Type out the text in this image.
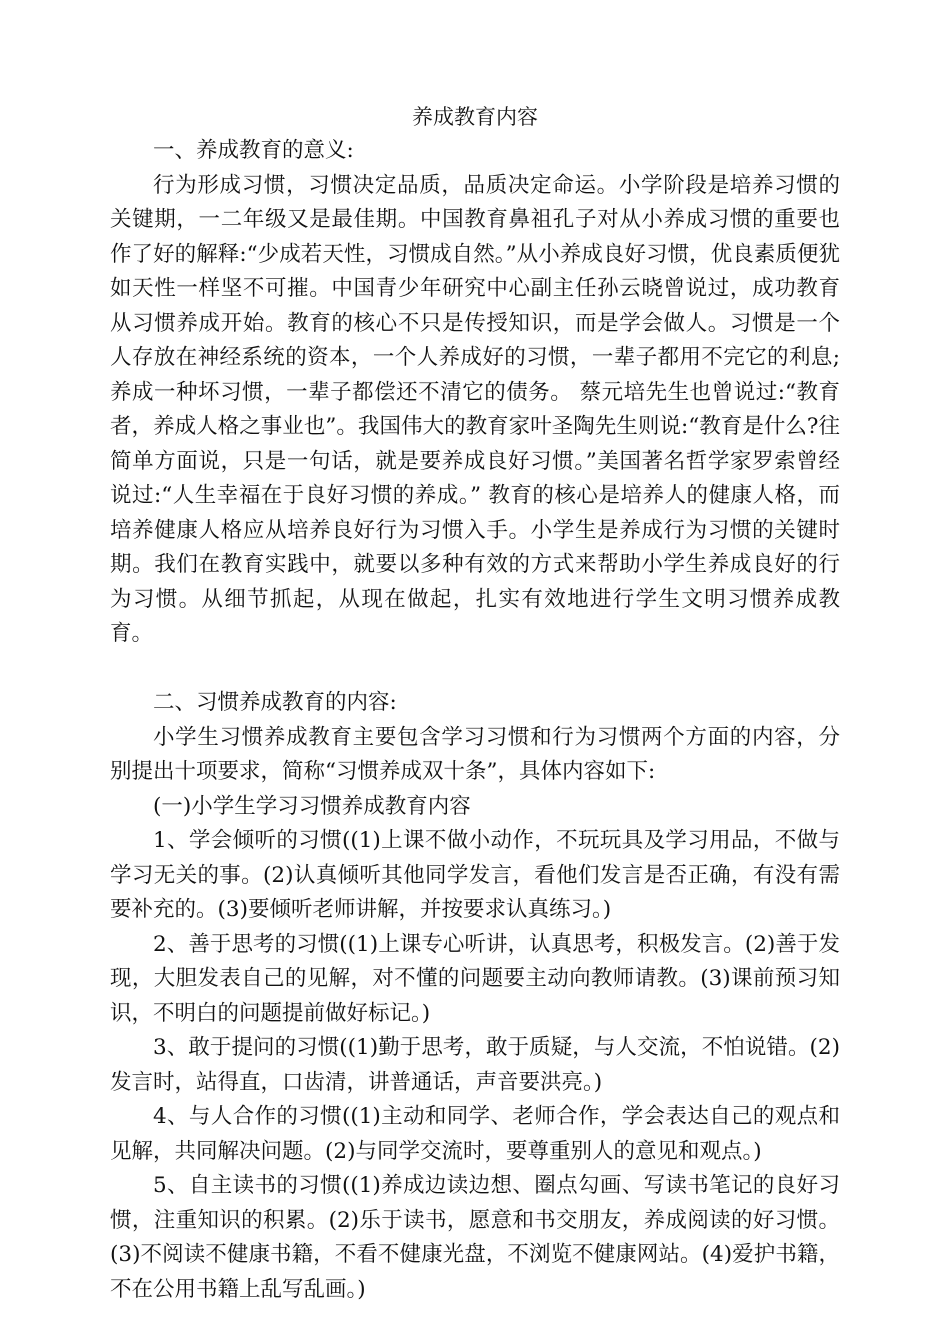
养成教育内容

一、养成教育的意义:

行为形成习惯，习惯决定品质，品质决定命运。小学阶段是培养习惯的关键期，一二年级又是最佳期。中国教育鼻祖孔子对从小养成习惯的重要也作了好的解释:“少成若天性，习惯成自然。”从小养成良好习惯，优良素质便犹如天性一样坚不可摧。中国青少年研究中心副主任孙云晓曾说过，成功教育从习惯养成开始。教育的核心不只是传授知识，而是学会做人。习惯是一个人存放在神经系统的资本，一个人养成好的习惯，一辈子都用不完它的利息;养成一种坏习惯，一辈子都偿还不清它的债务。 蔡元培先生也曾说过:“教育者，养成人格之事业也”。我国伟大的教育家叶圣陶先生则说:“教育是什么?往简单方面说，只是一句话，就是要养成良好习惯。”美国著名哲学家罗索曾经说过:“人生幸福在于良好习惯的养成。” 教育的核心是培养人的健康人格，而培养健康人格应从培养良好行为习惯入手。小学生是养成行为习惯的关键时期。我们在教育实践中，就要以多种有效的方式来帮助小学生养成良好的行为习惯。从细节抓起，从现在做起，扎实有效地进行学生文明习惯养成教育。

二、习惯养成教育的内容:

小学生习惯养成教育主要包含学习习惯和行为习惯两个方面的内容，分别提出十项要求，简称“习惯养成双十条”，具体内容如下:

(一)小学生学习习惯养成教育内容

1、学会倾听的习惯((1)上课不做小动作，不玩玩具及学习用品，不做与学习无关的事。(2)认真倾听其他同学发言，看他们发言是否正确，有没有需要补充的。(3)要倾听老师讲解，并按要求认真练习。)

2、善于思考的习惯((1)上课专心听讲，认真思考，积极发言。(2)善于发现，大胆发表自己的见解，对不懂的问题要主动向教师请教。(3)课前预习知识，不明白的问题提前做好标记。)

3、敢于提问的习惯((1)勤于思考，敢于质疑，与人交流，不怕说错。(2)发言时，站得直，口齿清，讲普通话，声音要洪亮。)

4、与人合作的习惯((1)主动和同学、老师合作，学会表达自己的观点和见解，共同解决问题。(2)与同学交流时，要尊重别人的意见和观点。)

5、自主读书的习惯((1)养成边读边想、圈点勾画、写读书笔记的良好习惯，注重知识的积累。(2)乐于读书，愿意和书交朋友，养成阅读的好习惯。(3)不阅读不健康书籍，不看不健康光盘，不浏览不健康网站。(4)爱护书籍，不在公用书籍上乱写乱画。)
